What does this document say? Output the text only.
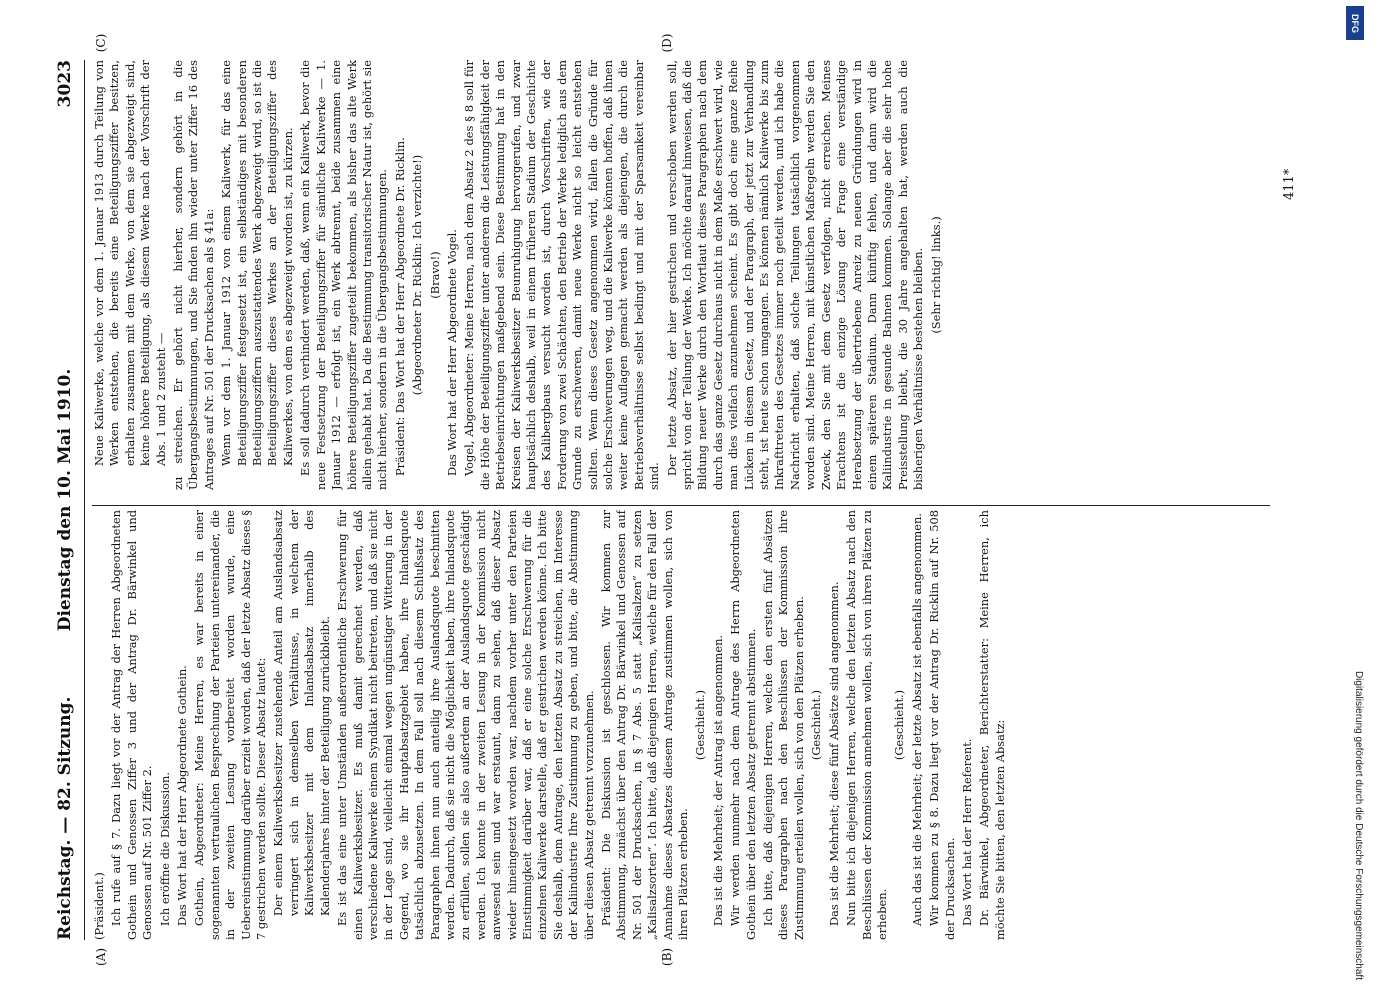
Reichstag. — 82. Sitzung.
Dienstag den 10. Mai 1910.
3023
(A)	(B)
(C)	(D)

(Präsident.) Ich rufe auf § 7. Dazu liegt vor der Antrag der Herren Abgeordneten Gothein und Genossen Ziffer 3 und der Antrag Dr. Bärwinkel und Genossen auf Nr. 501 Ziffer 2. Ich eröffne die Diskussion. Das Wort hat der Herr Abgeordnete Gothein. Gothein, Abgeordneter: Meine Herren, es war bereits in einer sogenannten vertraulichen Besprechung der Parteien untereinander, die in der zweiten Lesung vorbereitet worden wurde, eine Uebereinstimmung darüber erzielt worden, daß der letzte Absatz dieses § 7 gestrichen werden sollte. Dieser Absatz lautet: Der einem Kaliwerksbesitzer zustehende Anteil am Auslandsabsatz verringert sich in demselben Verhältnisse, in welchem der Kaliwerksbesitzer mit dem Inlandsabsatz innerhalb des Kalenderjahres hinter der Beteiligung zurückbleibt. Es ist das eine unter Umständen außerordentliche Erschwerung für einen Kaliwerksbesitzer. Es muß damit gerechnet werden, daß verschiedene Kaliwerke einem Syndikat nicht beitreten, und daß sie nicht in der Lage sind, vielleicht einmal wegen ungünstiger Witterung in der Gegend, wo sie ihr Hauptabsatzgebiet haben, ihre Inlandsquote tatsächlich abzusetzen. In dem Fall soll nach diesem Schlußsatz des Paragraphen ihnen nun auch anteilig ihre Auslandsquote beschnitten werden. Dadurch, daß sie nicht die Möglichkeit haben, ihre Inlandsquote zu erfüllen, sollen sie also außerdem an der Auslandsquote geschädigt werden. Ich konnte in der zweiten Lesung in der Kommission nicht anwesend sein und war erstaunt, dann zu sehen, daß dieser Absatz wieder hineingesetzt worden war, nachdem vorher unter den Parteien Einstimmigkeit darüber war, daß er eine solche Erschwerung für die einzelnen Kaliwerke darstelle, daß er gestrichen werden könne. Ich bitte Sie deshalb, dem Antrage, den letzten Absatz zu streichen, im Interesse der Kaliindustrie Ihre Zustimmung zu geben, und bitte, die Abstimmung über diesen Absatz getrennt vorzunehmen. Präsident: Die Diskussion ist geschlossen. Wir kommen zur Abstimmung, zunächst über den Antrag Dr. Bärwinkel und Genossen auf Nr. 501 der Drucksachen, in § 7 Abs. 5 statt „Kalisalzen“ zu setzen „Kalisalzsorten“. Ich bitte, daß diejenigen Herren, welche für den Fall der Annahme dieses Absatzes diesem Antrage zustimmen wollen, sich von ihren Plätzen erheben.

(Geschieht.) Das ist die Mehrheit; der Antrag ist angenommen. Wir werden nunmehr nach dem Antrage des Herrn Abgeordneten Gothein über den letzten Absatz getrennt abstimmen. Ich bitte, daß diejenigen Herren, welche den ersten fünf Absätzen dieses Paragraphen nach den Beschlüssen der Kommission ihre Zustimmung erteilen wollen, sich von den Plätzen erheben. (Geschieht.) Das ist die Mehrheit; diese fünf Absätze sind angenommen. Nun bitte ich diejenigen Herren, welche den letzten Absatz nach den Beschlüssen der Kommission annehmen wollen, sich von ihren Plätzen zu erheben.

(Geschieht.) Auch das ist die Mehrheit; der letzte Absatz ist ebenfalls angenommen. Wir kommen zu § 8. Dazu liegt vor der Antrag Dr. Ricklin auf Nr. 508 der Drucksachen. Das Wort hat der Herr Referent. Dr. Bärwinkel, Abgeordneter, Berichterstatter: Meine Herren, ich möchte Sie bitten, den letzten Absatz:

Neue Kaliwerke, welche vor dem 1. Januar 1913 durch Teilung von Werken entstehen, die bereits eine Beteiligungsziffer besitzen, erhalten zusammen mit dem Werke, von dem sie abgezweigt sind, keine höhere Beteiligung, als diesem Werke nach der Vorschrift der Abs. 1 und 2 zusteht — zu streichen. Er gehört nicht hierher, sondern gehört in die Übergangsbestimmungen, und Sie finden ihn wieder unter Ziffer 16 des Antrages auf Nr. 501 der Drucksachen als § 41a: Wenn vor dem 1. Januar 1912 von einem Kaliwerk, für das eine Beteiligungsziffer festgesetzt ist, ein selbständiges mit besonderen Beteiligungsziffern auszustattendes Werk abgezweigt wird, so ist die Beteiligungsziffer dieses Werkes an der Beteiligungsziffer des Kaliwerkes, von dem es abgezweigt worden ist, zu kürzen. Es soll dadurch verhindert werden, daß, wenn ein Kaliwerk, bevor die neue Festsetzung der Beteiligungsziffer für sämtliche Kaliwerke — 1. Januar 1912 — erfolgt ist, ein Werk abtrennt, beide zusammen eine höhere Beteiligungsziffer zugeteilt bekommen, als bisher das alte Werk allein gehabt hat. Da die Bestimmung transitorischer Natur ist, gehört sie nicht hierher, sondern in die Übergangsbestimmungen. Präsident: Das Wort hat der Herr Abgeordnete Dr. Ricklin. (Abgeordneter Dr. Ricklin: Ich verzichte!) (Bravo!) Das Wort hat der Herr Abgeordnete Vogel. Vogel, Abgeordneter: Meine Herren, nach dem Absatz 2 des § 8 soll für die Höhe der Beteiligungsziffer unter anderem die Leistungsfähigkeit der Betriebseinrichtungen maßgebend sein. Diese Bestimmung hat in den Kreisen der Kaliwerksbesitzer Beunruhigung hervorgerufen, und zwar hauptsächlich deshalb, weil in einem früheren Stadium der Geschichte des Kalibergbaus versucht worden ist, durch Vorschriften, wie der Forderung von zwei Schächten, den Betrieb der Werke lediglich aus dem Grunde zu erschweren, damit neue Werke nicht so leicht entstehen sollten. Wenn dieses Gesetz angenommen wird, fallen die Gründe für solche Erschwerungen weg, und die Kaliwerke können hoffen, daß ihnen weiter keine Auflagen gemacht werden als diejenigen, die durch die Betriebsverhältnisse selbst bedingt und mit der Sparsamkeit vereinbar sind.

Der letzte Absatz, der hier gestrichen und verschoben werden soll, spricht von der Teilung der Werke. Ich möchte darauf hinweisen, daß die Bildung neuer Werke durch den Wortlaut dieses Paragraphen nach dem durch das ganze Gesetz durchaus nicht in dem Maße erschwert wird, wie man dies vielfach anzunehmen scheint. Es gibt doch eine ganze Reihe Lücken in diesem Gesetz, und der Paragraph, der jetzt zur Verhandlung steht, ist heute schon umgangen. Es können nämlich Kaliwerke bis zum Inkrafttreten des Gesetzes immer noch geteilt werden, und ich habe die Nachricht erhalten, daß solche Teilungen tatsächlich vorgenommen worden sind. Meine Herren, mit künstlichen Maßregeln werden Sie den Zweck, den Sie mit dem Gesetz verfolgen, nicht erreichen. Meines Erachtens ist die einzige Lösung der Frage eine verständige Herabsetzung der übertriebene Anreiz zu neuen Gründungen wird in einem späteren Stadium. Dann künftig fehlen, und dann wird die Kaliindustrie in gesunde Bahnen kommen. Solange aber die sehr hohe Preisstellung bleibt, die 30 Jahre angehalten hat, werden auch die bisherigen Verhältnisse bestehen bleiben. (Sehr richtig! links.)

411*
DFG
Digitalisierung gefördert durch die Deutsche Forschungsgemeinschaft
